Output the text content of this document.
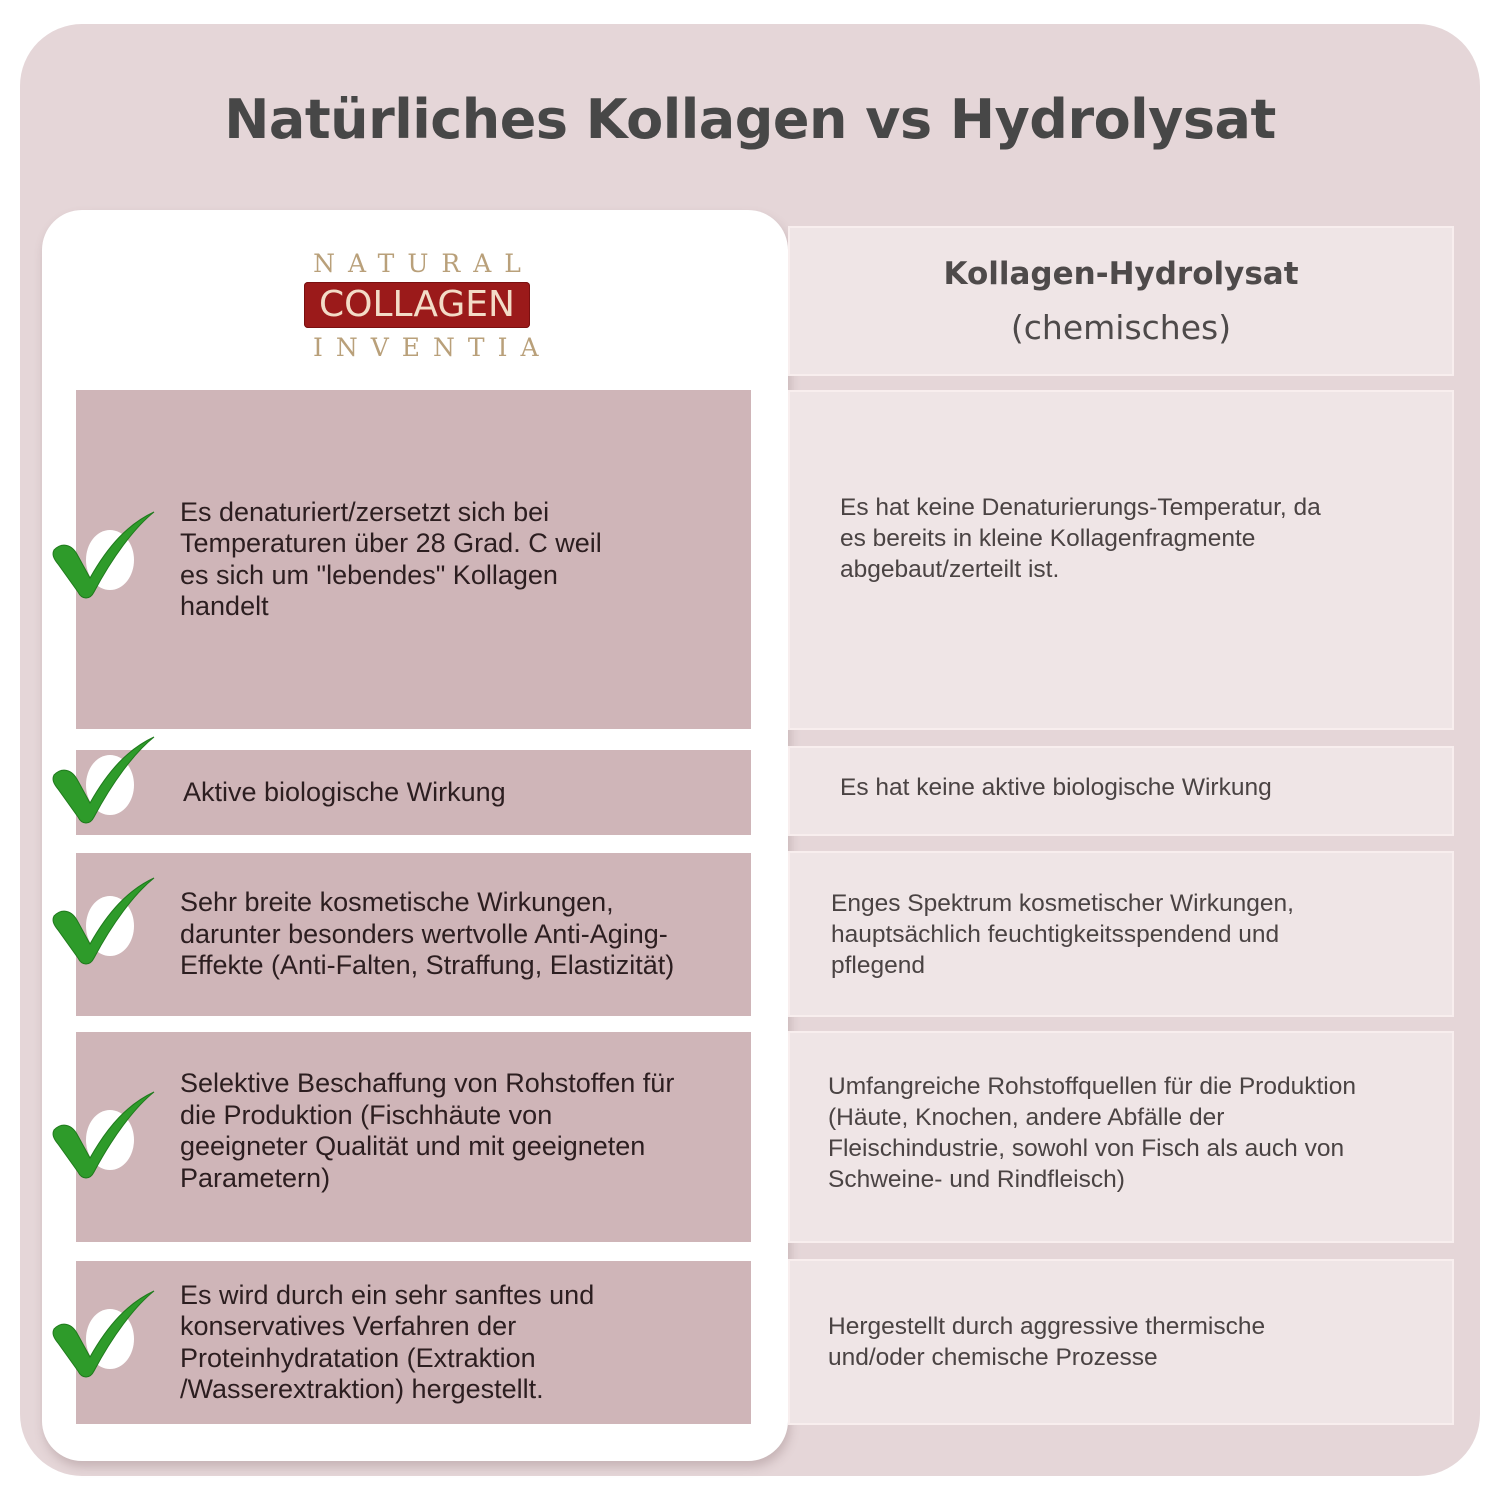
Natürliches Kollagen vs Hydrolysat
NATURAL
COLLAGEN
INVENTIA
Kollagen-Hydrolysat
(chemisches)
Es denaturiert/zersetzt sich bei Temperaturen über 28 Grad. C weil es sich um "lebendes" Kollagen handelt
Es hat keine Denaturierungs-Temperatur, da es bereits in kleine Kollagenfragmente abgebaut/zerteilt ist.
Aktive biologische Wirkung	Es hat keine aktive biologische Wirkung
Sehr breite kosmetische Wirkungen, darunter besonders wertvolle Anti-Aging-Effekte (Anti-Falten, Straffung, Elastizität)
Enges Spektrum kosmetischer Wirkungen, hauptsächlich feuchtigkeitsspendend und pflegend
Selektive Beschaffung von Rohstoffen für die Produktion (Fischhäute von geeigneter Qualität und mit geeigneten Parametern)
Umfangreiche Rohstoffquellen für die Produktion (Häute, Knochen, andere Abfälle der Fleischindustrie, sowohl von Fisch als auch von Schweine- und Rindfleisch)
Es wird durch ein sehr sanftes und konservatives Verfahren der Proteinhydratation (Extraktion /Wasserextraktion) hergestellt.
Hergestellt durch aggressive thermische und/oder chemische Prozesse
